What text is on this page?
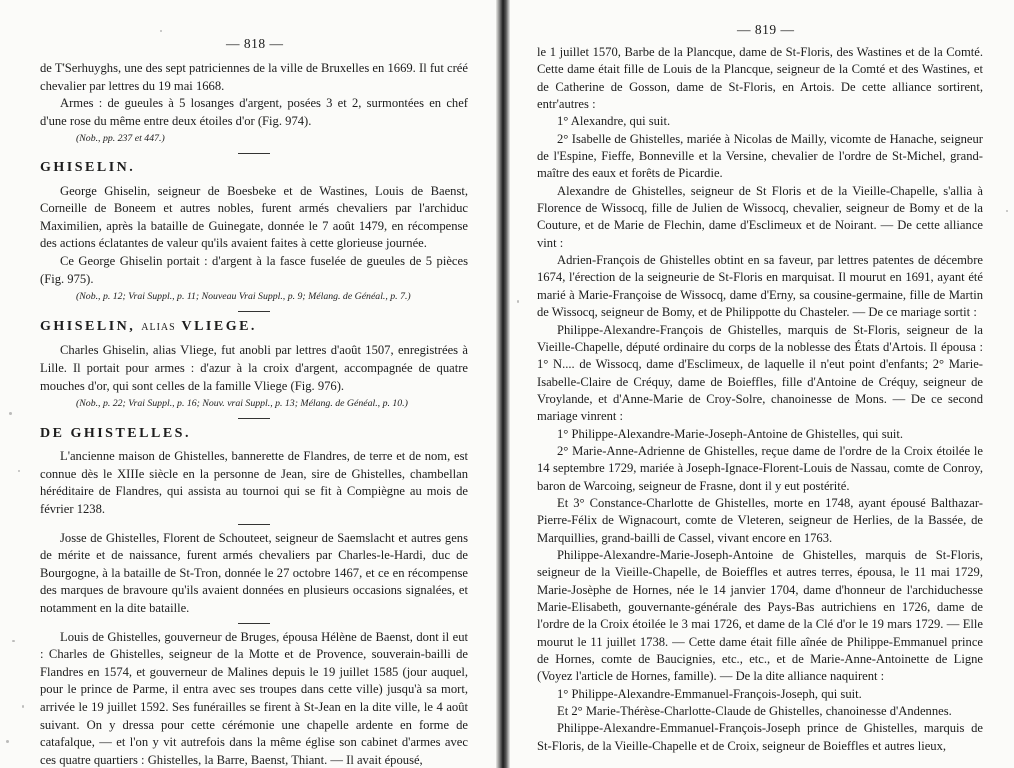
— 818 —

de T'Serhuyghs, une des sept patriciennes de la ville de Bruxelles en 1669. Il fut créé chevalier par lettres du 19 mai 1668.

Armes : de gueules à 5 losanges d'argent, posées 3 et 2, surmontées en chef d'une rose du même entre deux étoiles d'or (Fig. 974).

(Nob., pp. 237 et 447.)

GHISELIN.

George Ghiselin, seigneur de Boesbeke et de Wastines, Louis de Baenst, Corneille de Boneem et autres nobles, furent armés chevaliers par l'archiduc Maximilien, après la bataille de Guinegate, donnée le 7 août 1479, en récompense des actions éclatantes de valeur qu'ils avaient faites à cette glorieuse journée.

Ce George Ghiselin portait : d'argent à la fasce fuselée de gueules de 5 pièces (Fig. 975).

(Nob., p. 12; Vrai Suppl., p. 11; Nouveau Vrai Suppl., p. 9; Mélang. de Généal., p. 7.)

GHISELIN, ALIAS VLIEGE.

Charles Ghiselin, alias Vliege, fut anobli par lettres d'août 1507, enregistrées à Lille. Il portait pour armes : d'azur à la croix d'argent, accompagnée de quatre mouches d'or, qui sont celles de la famille Vliege (Fig. 976).

(Nob., p. 22; Vrai Suppl., p. 16; Nouv. vrai Suppl., p. 13; Mélang. de Généal., p. 10.)

DE GHISTELLES.

L'ancienne maison de Ghistelles, bannerette de Flandres, de terre et de nom, est connue dès le XIIIe siècle en la personne de Jean, sire de Ghistelles, chambellan héréditaire de Flandres, qui assista au tournoi qui se fit à Compiègne au mois de février 1238.

Josse de Ghistelles, Florent de Schouteet, seigneur de Saemslacht et autres gens de mérite et de naissance, furent armés chevaliers par Charles-le-Hardi, duc de Bourgogne, à la bataille de St-Tron, donnée le 27 octobre 1467, et ce en récompense des marques de bravoure qu'ils avaient données en plusieurs occasions signalées, et notamment en la dite bataille.

Louis de Ghistelles, gouverneur de Bruges, épousa Hélène de Baenst, dont il eut : Charles de Ghistelles, seigneur de la Motte et de Provence, souverain-bailli de Flandres en 1574, et gouverneur de Malines depuis le 19 juillet 1585 (jour auquel, pour le prince de Parme, il entra avec ses troupes dans cette ville) jusqu'à sa mort, arrivée le 19 juillet 1592. Ses funérailles se firent à St-Jean en la dite ville, le 4 août suivant. On y dressa pour cette cérémonie une chapelle ardente en forme de catafalque, — et l'on y vit autrefois dans la même église son cabinet d'armes avec ces quatre quartiers : Ghistelles, la Barre, Baenst, Thiant. — Il avait épousé,

— 819 —

le 1 juillet 1570, Barbe de la Plancque, dame de St-Floris, des Wastines et de la Comté. Cette dame était fille de Louis de la Plancque, seigneur de la Comté et des Wastines, et de Catherine de Gosson, dame de St-Floris, en Artois. De cette alliance sortirent, entr'autres :

1° Alexandre, qui suit.

2° Isabelle de Ghistelles, mariée à Nicolas de Mailly, vicomte de Hanache, seigneur de l'Espine, Fieffe, Bonneville et la Versine, chevalier de l'ordre de St-Michel, grand-maître des eaux et forêts de Picardie.

Alexandre de Ghistelles, seigneur de St Floris et de la Vieille-Chapelle, s'allia à Florence de Wissocq, fille de Julien de Wissocq, chevalier, seigneur de Bomy et de la Couture, et de Marie de Flechin, dame d'Esclimeux et de Noirant. — De cette alliance vint :

Adrien-François de Ghistelles obtint en sa faveur, par lettres patentes de décembre 1674, l'érection de la seigneurie de St-Floris en marquisat. Il mourut en 1691, ayant été marié à Marie-Françoise de Wissocq, dame d'Erny, sa cousine-germaine, fille de Martin de Wissocq, seigneur de Bomy, et de Philippotte du Chasteler. — De ce mariage sortit :

Philippe-Alexandre-François de Ghistelles, marquis de St-Floris, seigneur de la Vieille-Chapelle, député ordinaire du corps de la noblesse des États d'Artois. Il épousa : 1° N.... de Wissocq, dame d'Esclimeux, de laquelle il n'eut point d'enfants; 2° Marie-Isabelle-Claire de Créquy, dame de Boieffles, fille d'Antoine de Créquy, seigneur de Vroylande, et d'Anne-Marie de Croy-Solre, chanoinesse de Mons. — De ce second mariage vinrent :

1° Philippe-Alexandre-Marie-Joseph-Antoine de Ghistelles, qui suit.

2° Marie-Anne-Adrienne de Ghistelles, reçue dame de l'ordre de la Croix étoilée le 14 septembre 1729, mariée à Joseph-Ignace-Florent-Louis de Nassau, comte de Conroy, baron de Warcoing, seigneur de Frasne, dont il y eut postérité.

Et 3° Constance-Charlotte de Ghistelles, morte en 1748, ayant épousé Balthazar-Pierre-Félix de Wignacourt, comte de Vleteren, seigneur de Herlies, de la Bassée, de Marquillies, grand-bailli de Cassel, vivant encore en 1763.

Philippe-Alexandre-Marie-Joseph-Antoine de Ghistelles, marquis de St-Floris, seigneur de la Vieille-Chapelle, de Boieffles et autres terres, épousa, le 11 mai 1729, Marie-Josèphe de Hornes, née le 14 janvier 1704, dame d'honneur de l'archiduchesse Marie-Elisabeth, gouvernante-générale des Pays-Bas autrichiens en 1726, dame de l'ordre de la Croix étoilée le 3 mai 1726, et dame de la Clé d'or le 19 mars 1729. — Elle mourut le 11 juillet 1738. — Cette dame était fille aînée de Philippe-Emmanuel prince de Hornes, comte de Baucignies, etc., etc., et de Marie-Anne-Antoinette de Ligne (Voyez l'article de Hornes, famille). — De la dite alliance naquirent :

1° Philippe-Alexandre-Emmanuel-François-Joseph, qui suit.

Et 2° Marie-Thérèse-Charlotte-Claude de Ghistelles, chanoinesse d'Andennes.

Philippe-Alexandre-Emmanuel-François-Joseph prince de Ghistelles, marquis de St-Floris, de la Vieille-Chapelle et de Croix, seigneur de Boieffles et autres lieux,
